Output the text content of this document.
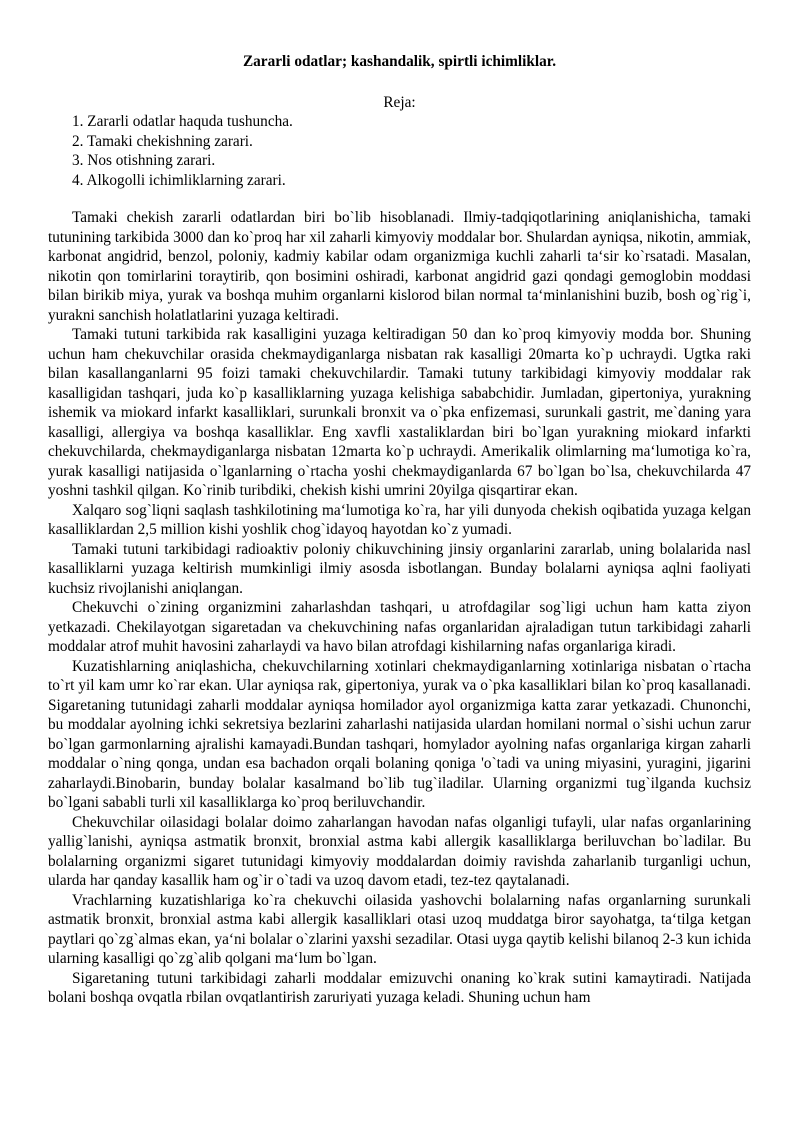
Zararli odatlar; kashandalik, spirtli ichimliklar.

Reja:

1. Zararli odatlar haquda tushuncha.
2. Tamaki chekishning zarari.
3. Nos otishning zarari.
4. Alkogolli ichimliklarning zarari.

Tamaki chekish zararli odatlardan biri bo`lib hisoblanadi. Ilmiy-tadqiqotlarining aniqlanishicha, tamaki tutunining tarkibida 3000 dan ko`proq har xil zaharli kimyoviy moddalar bor. Shulardan ayniqsa, nikotin, ammiak, karbonat angidrid, benzol, poloniy, kadmiy kabilar odam organizmiga kuchli zaharli ta‘sir ko`rsatadi. Masalan, nikotin qon tomirlarini toraytirib, qon bosimini oshiradi, karbonat angidrid gazi qondagi gemoglobin moddasi bilan birikib miya, yurak va boshqa muhim organlarni kislorod bilan normal ta‘minlanishini buzib, bosh og`rig`i, yurakni sanchish holatlatlarini yuzaga keltiradi.

Tamaki tutuni tarkibida rak kasalligini yuzaga keltiradigan 50 dan ko`proq kimyoviy modda bor. Shuning uchun ham chekuvchilar orasida chekmaydiganlarga nisbatan rak kasalligi 20marta ko`p uchraydi. Ugtka raki bilan kasallanganlarni 95 foizi tamaki chekuvchilardir. Tamaki tutuny tarkibidagi kimyoviy moddalar rak kasalligidan tashqari, juda ko`p kasalliklarning yuzaga kelishiga sababchidir. Jumladan, gipertoniya, yurakning ishemik va miokard infarkt kasalliklari, surunkali bronxit va o`pka enfizemasi, surunkali gastrit, me`daning yara kasalligi, allergiya va boshqa kasalliklar. Eng xavfli xastaliklardan biri bo`lgan yurakning miokard infarkti chekuvchilarda, chekmaydiganlarga nisbatan 12marta ko`p uchraydi. Amerikalik olimlarning ma‘lumotiga ko`ra, yurak kasalligi natijasida o`lganlarning o`rtacha yoshi chekmaydiganlarda 67 bo`lgan bo`lsa, chekuvchilarda 47 yoshni tashkil qilgan. Ko`rinib turibdiki, chekish kishi umrini 20yilga qisqartirar ekan.

Xalqaro sog`liqni saqlash tashkilotining ma‘lumotiga ko`ra, har yili dunyoda chekish oqibatida yuzaga kelgan kasalliklardan 2,5 million kishi yoshlik chog`idayoq hayotdan ko`z yumadi.

Tamaki tutuni tarkibidagi radioaktiv poloniy chikuvchining jinsiy organlarini zararlab, uning bolalarida nasl kasalliklarni yuzaga keltirish mumkinligi ilmiy asosda isbotlangan. Bunday bolalarni ayniqsa aqlni faoliyati kuchsiz rivojlanishi aniqlangan.

Chekuvchi o`zining organizmini zaharlashdan tashqari, u atrofdagilar sog`ligi uchun ham katta ziyon yetkazadi. Chekilayotgan sigaretadan va chekuvchining nafas organlaridan ajraladigan tutun tarkibidagi zaharli moddalar atrof muhit havosini zaharlaydi va havo bilan atrofdagi kishilarning nafas organlariga kiradi.

Kuzatishlarning aniqlashicha, chekuvchilarning xotinlari chekmaydiganlarning xotinlariga nisbatan o`rtacha to`rt yil kam umr ko`rar ekan. Ular ayniqsa rak, gipertoniya, yurak va o`pka kasalliklari bilan ko`proq kasallanadi. Sigaretaning tutunidagi zaharli moddalar ayniqsa homilador ayol organizmiga katta zarar yetkazadi. Chunonchi, bu moddalar ayolning ichki sekretsiya bezlarini zaharlashi natijasida ulardan homilani normal o`sishi uchun zarur bo`lgan garmonlarning ajralishi kamayadi.Bundan tashqari, homylador ayolning nafas organlariga kirgan zaharli moddalar o`ning qonga, undan esa bachadon orqali bolaning qoniga 'o`tadi va uning miyasini, yuragini, jigarini zaharlaydi.Binobarin, bunday bolalar kasalmand bo`lib tug`iladilar. Ularning organizmi tug`ilganda kuchsiz bo`lgani sababli turli xil kasalliklarga ko`proq beriluvchandir.

Chekuvchilar oilasidagi bolalar doimo zaharlangan havodan nafas olganligi tufayli, ular nafas organlarining yallig`lanishi, ayniqsa astmatik bronxit, bronxial astma kabi allergik kasalliklarga beriluvchan bo`ladilar. Bu bolalarning organizmi sigaret tutunidagi kimyoviy moddalardan doimiy ravishda zaharlanib turganligi uchun, ularda har qanday kasallik ham og`ir o`tadi va uzoq davom etadi, tez-tez qaytalanadi.

Vrachlarning kuzatishlariga ko`ra chekuvchi oilasida yashovchi bolalarning nafas organlarning surunkali astmatik bronxit, bronxial astma kabi allergik kasalliklari otasi uzoq muddatga biror sayohatga, ta‘tilga ketgan paytlari qo`zg`almas ekan, ya‘ni bolalar o`zlarini yaxshi sezadilar. Otasi uyga qaytib kelishi bilanoq 2-3 kun ichida ularning kasalligi qo`zg`alib qolgani ma‘lum bo`lgan.

Sigaretaning tutuni tarkibidagi zaharli moddalar emizuvchi onaning ko`krak sutini kamaytiradi. Natijada bolani boshqa ovqatla rbilan ovqatlantirish zaruriyati yuzaga keladi. Shuning uchun ham
